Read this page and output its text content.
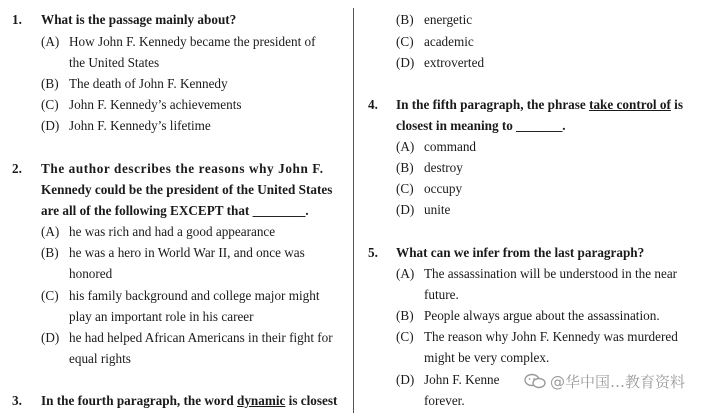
1. What is the passage mainly about?
(A) How John F. Kennedy became the president of
the United States
(B) The death of John F. Kennedy
(C) John F. Kennedy’s achievements
(D) John F. Kennedy’s lifetime
2. The author describes the reasons why John F.
Kennedy could be the president of the United States
are all of the following EXCEPT that ________.
(A) he was rich and had a good appearance
(B) he was a hero in World War II, and once was
honored
(C) his family background and college major might
play an important role in his career
(D) he had helped African Americans in their fight for
equal rights
3. In the fourth paragraph, the word dynamic is closest
(B) energetic
(C) academic
(D) extroverted
4. In the fifth paragraph, the phrase take control of is
closest in meaning to _______.
(A) command
(B) destroy
(C) occupy
(D) unite
5. What can we infer from the last paragraph?
(A) The assassination will be understood in the near
future.
(B) People always argue about the assassination.
(C) The reason why John F. Kennedy was murdered
might be very complex.
(D) John F. Kenne
forever.
@华中国…教育资料
